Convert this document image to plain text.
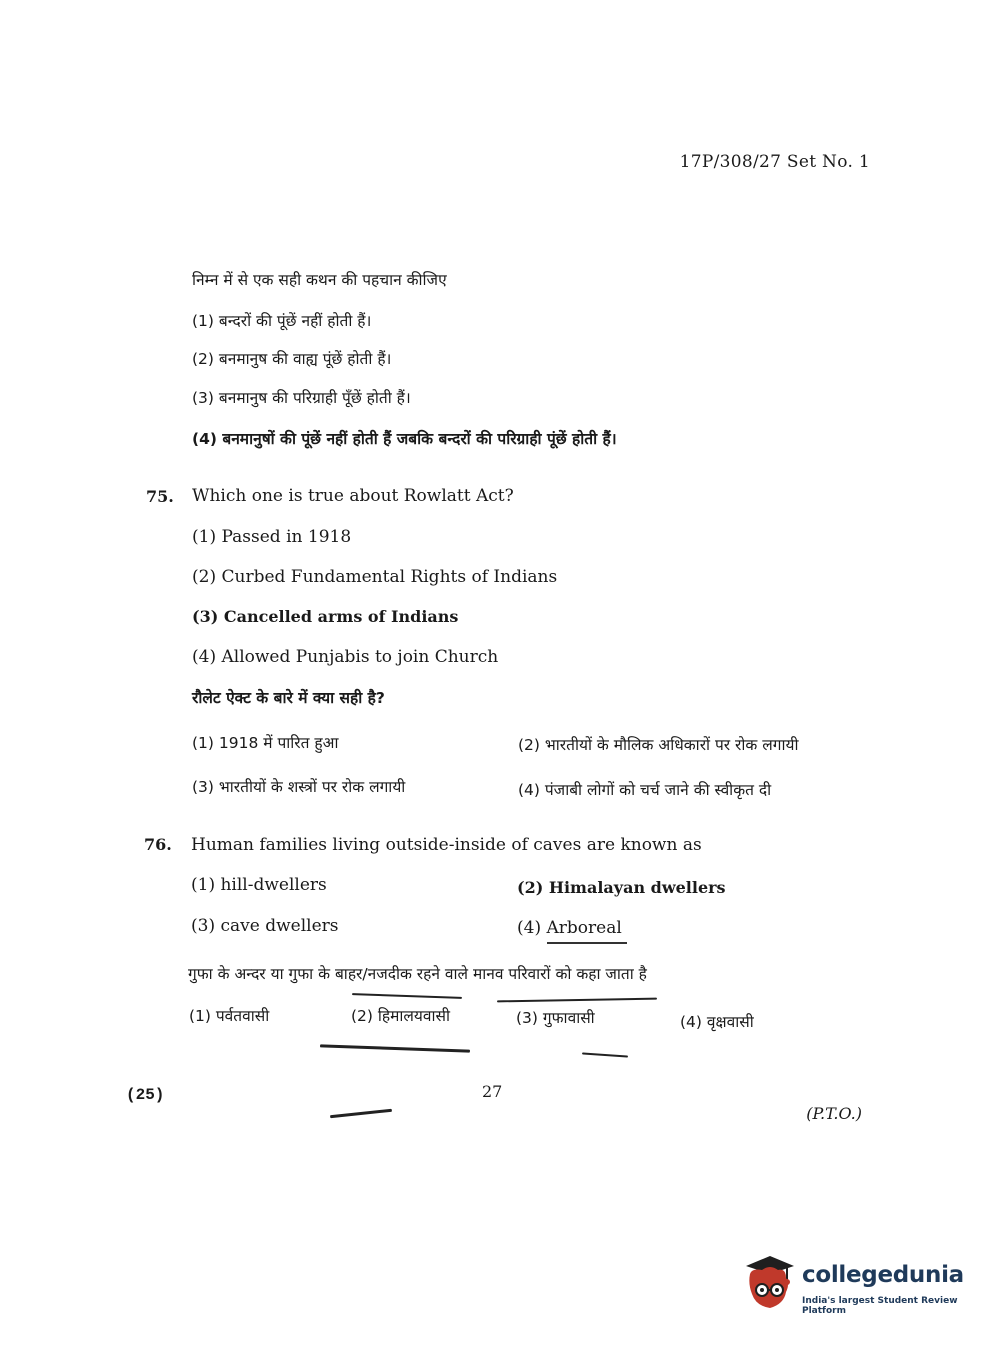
17P/308/27 Set No. 1
निम्न में से एक सही कथन की पहचान कीजिए
(1) बन्दरों की पूंछें नहीं होती हैं।
(2) बनमानुष की वाह्य पूंछें होती हैं।
(3) बनमानुष की परिग्राही पूँछें होती हैं।
(4) बनमानुषों की पूंछें नहीं होती हैं जबकि बन्दरों की परिग्राही पूंछें होती हैं।
75. Which one is true about Rowlatt Act?
(1) Passed in 1918
(2) Curbed Fundamental Rights of Indians
(3) Cancelled arms of Indians
(4) Allowed Punjabis to join Church
रौलेट ऐक्ट के बारे में क्या सही है?
(1) 1918 में पारित हुआ	(2) भारतीयों के मौलिक अधिकारों पर रोक लगायी
(3) भारतीयों के शस्त्रों पर रोक लगायी	(4) पंजाबी लोगों को चर्च जाने की स्वीकृत दी
76. Human families living outside-inside of caves are known as
(1) hill-dwellers	(2) Himalayan dwellers
(3) cave dwellers	(4) Arboreal
गुफा के अन्दर या गुफा के बाहर/नजदीक रहने वाले मानव परिवारों को कहा जाता है
(1) पर्वतवासी	(2) हिमालयवासी	(3) गुफावासी	(4) वृक्षवासी
(25)	27
(P.T.O.)
collegedunia
India's largest Student Review Platform
